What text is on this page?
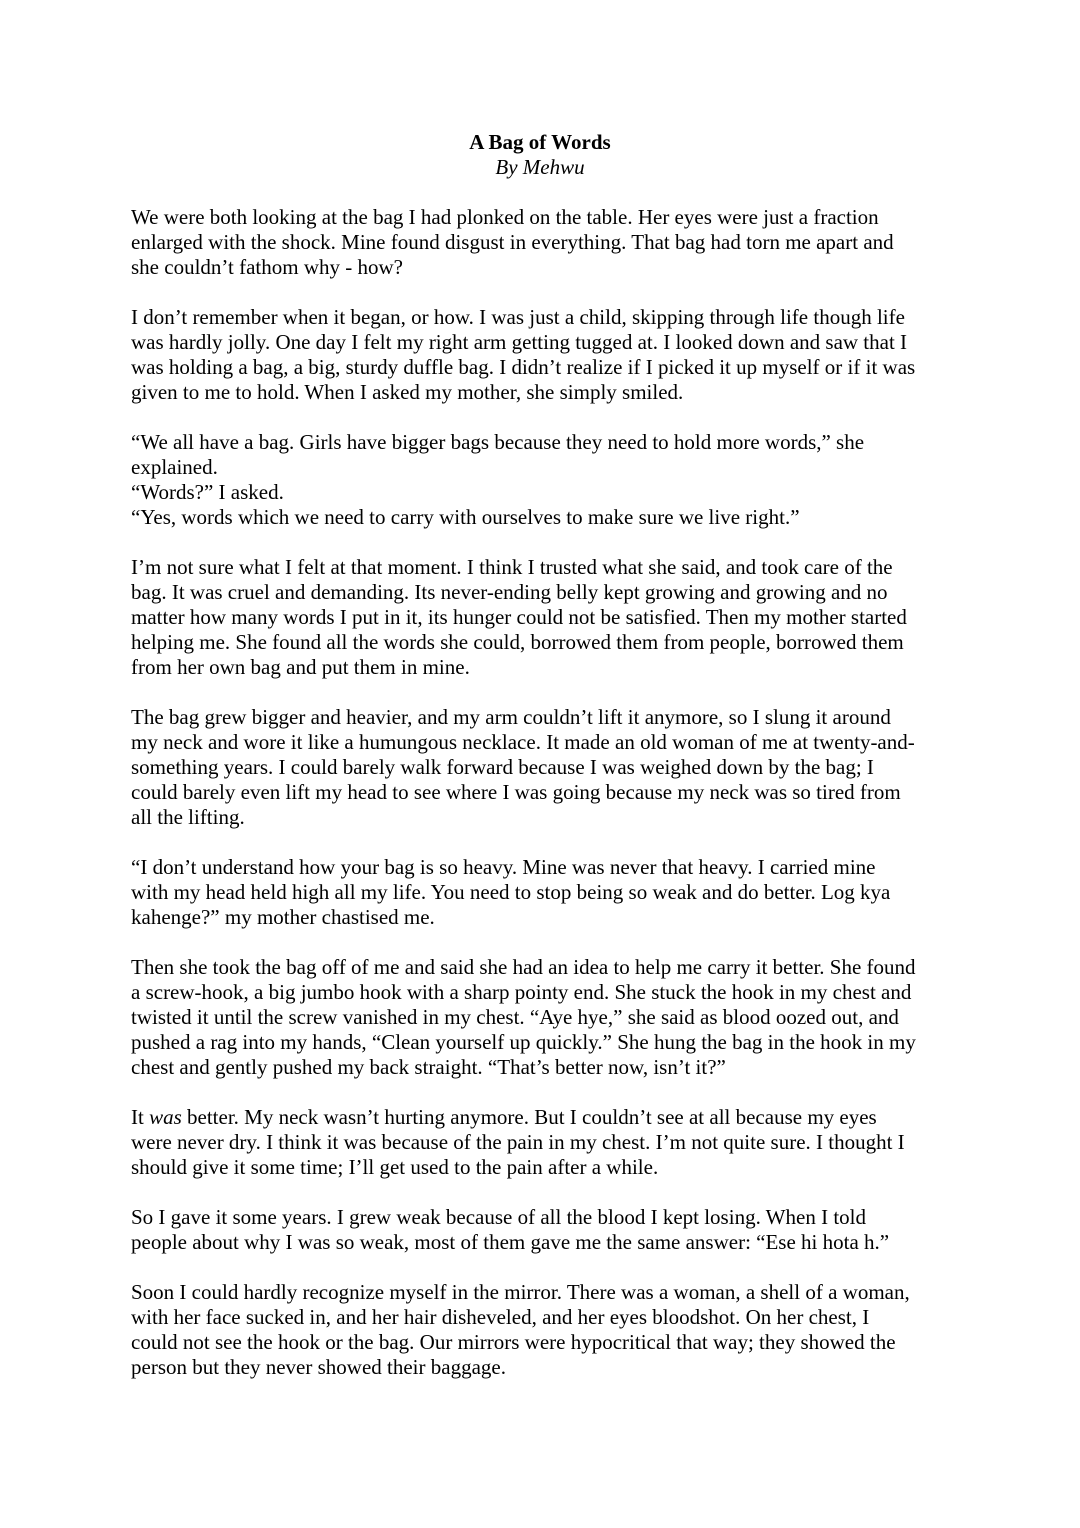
A Bag of Words
By Mehwu

We were both looking at the bag I had plonked on the table. Her eyes were just a fraction
enlarged with the shock. Mine found disgust in everything. That bag had torn me apart and
she couldn’t fathom why - how?

I don’t remember when it began, or how. I was just a child, skipping through life though life
was hardly jolly. One day I felt my right arm getting tugged at. I looked down and saw that I
was holding a bag, a big, sturdy duffle bag. I didn’t realize if I picked it up myself or if it was
given to me to hold. When I asked my mother, she simply smiled.

“We all have a bag. Girls have bigger bags because they need to hold more words,” she
explained.

“Words?” I asked.

“Yes, words which we need to carry with ourselves to make sure we live right.”

I’m not sure what I felt at that moment. I think I trusted what she said, and took care of the
bag. It was cruel and demanding. Its never-ending belly kept growing and growing and no
matter how many words I put in it, its hunger could not be satisfied. Then my mother started
helping me. She found all the words she could, borrowed them from people, borrowed them
from her own bag and put them in mine.

The bag grew bigger and heavier, and my arm couldn’t lift it anymore, so I slung it around
my neck and wore it like a humungous necklace. It made an old woman of me at twenty-and-
something years. I could barely walk forward because I was weighed down by the bag; I
could barely even lift my head to see where I was going because my neck was so tired from
all the lifting.

“I don’t understand how your bag is so heavy. Mine was never that heavy. I carried mine
with my head held high all my life. You need to stop being so weak and do better. Log kya
kahenge?” my mother chastised me.

Then she took the bag off of me and said she had an idea to help me carry it better. She found
a screw-hook, a big jumbo hook with a sharp pointy end. She stuck the hook in my chest and
twisted it until the screw vanished in my chest. “Aye hye,” she said as blood oozed out, and
pushed a rag into my hands, “Clean yourself up quickly.” She hung the bag in the hook in my
chest and gently pushed my back straight. “That’s better now, isn’t it?”

It was better. My neck wasn’t hurting anymore. But I couldn’t see at all because my eyes
were never dry. I think it was because of the pain in my chest. I’m not quite sure. I thought I
should give it some time; I’ll get used to the pain after a while.

So I gave it some years. I grew weak because of all the blood I kept losing. When I told
people about why I was so weak, most of them gave me the same answer: “Ese hi hota h.”

Soon I could hardly recognize myself in the mirror. There was a woman, a shell of a woman,
with her face sucked in, and her hair disheveled, and her eyes bloodshot. On her chest, I
could not see the hook or the bag. Our mirrors were hypocritical that way; they showed the
person but they never showed their baggage.
